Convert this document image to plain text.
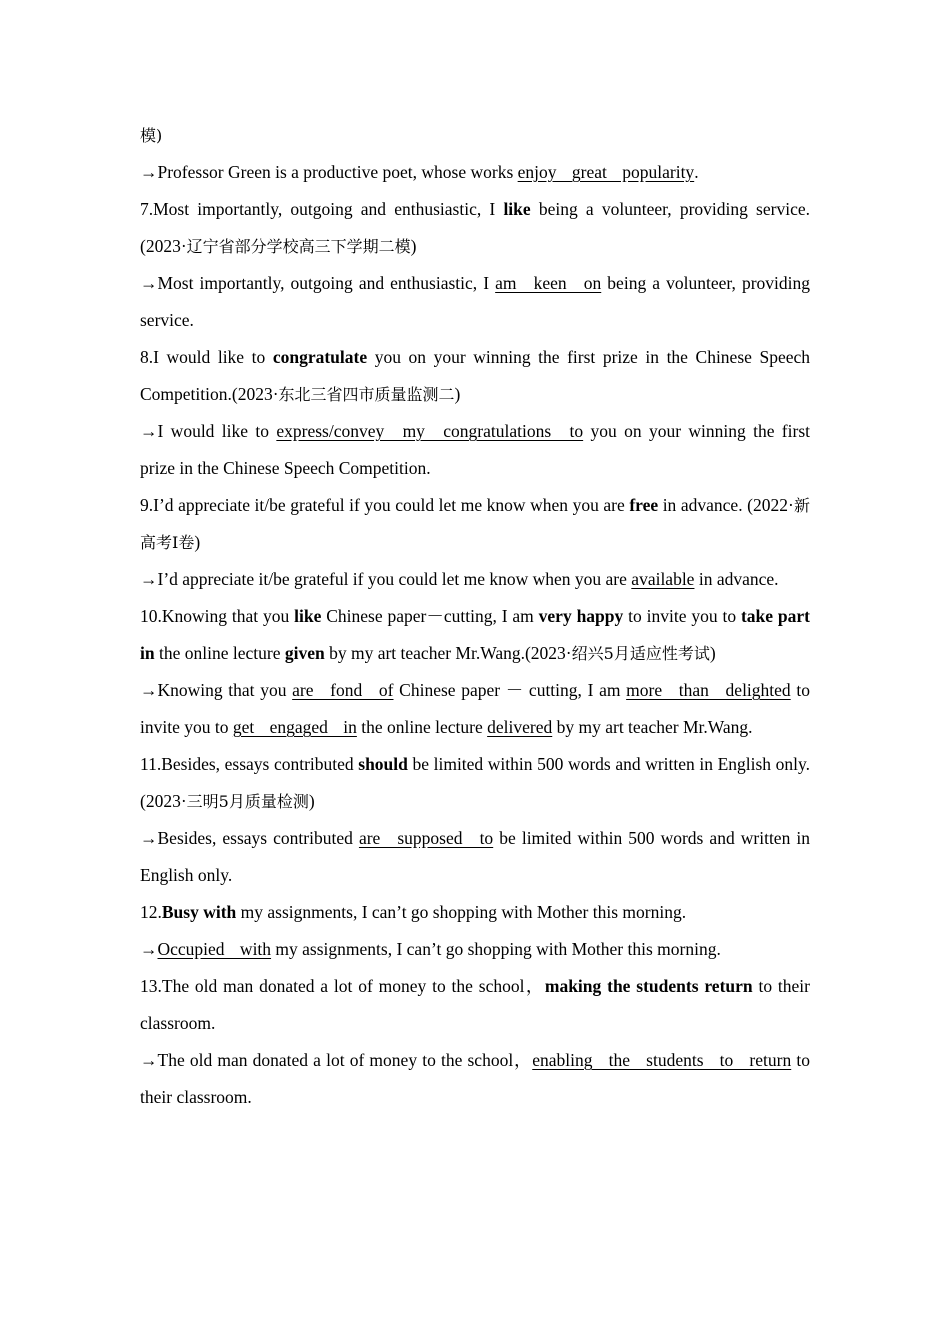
模)

→Professor Green is a productive poet, whose works enjoy great popularity.

7.Most importantly, outgoing and enthusiastic, I like being a volunteer, providing service.(2023·辽宁省部分学校高三下学期二模)

→Most importantly, outgoing and enthusiastic, I am keen on being a volunteer, providing service.

8.I would like to congratulate you on your winning the first prize in the Chinese Speech Competition.(2023·东北三省四市质量监测二)

→I would like to express/convey my congratulations to you on your winning the first prize in the Chinese Speech Competition.

9.I’d appreciate it/be grateful if you could let me know when you are free in advance. (2022·新高考Ⅰ卷)

→I’d appreciate it/be grateful if you could let me know when you are available in advance.

10.Knowing that you like Chinese paper－cutting, I am very happy to invite you to take part in the online lecture given by my art teacher Mr.Wang.(2023·绍兴5月适应性考试)

→Knowing that you are fond of Chinese paper － cutting, I am more than delighted to invite you to get engaged in the online lecture delivered by my art teacher Mr.Wang.

11.Besides, essays contributed should be limited within 500 words and written in English only.(2023·三明5月质量检测)

→Besides, essays contributed are supposed to be limited within 500 words and written in English only.

12.Busy with my assignments, I can’t go shopping with Mother this morning.

→Occupied with my assignments, I can’t go shopping with Mother this morning.

13.The old man donated a lot of money to the school，making the students return to their classroom.

→The old man donated a lot of money to the school，enabling the students to return to their classroom.
